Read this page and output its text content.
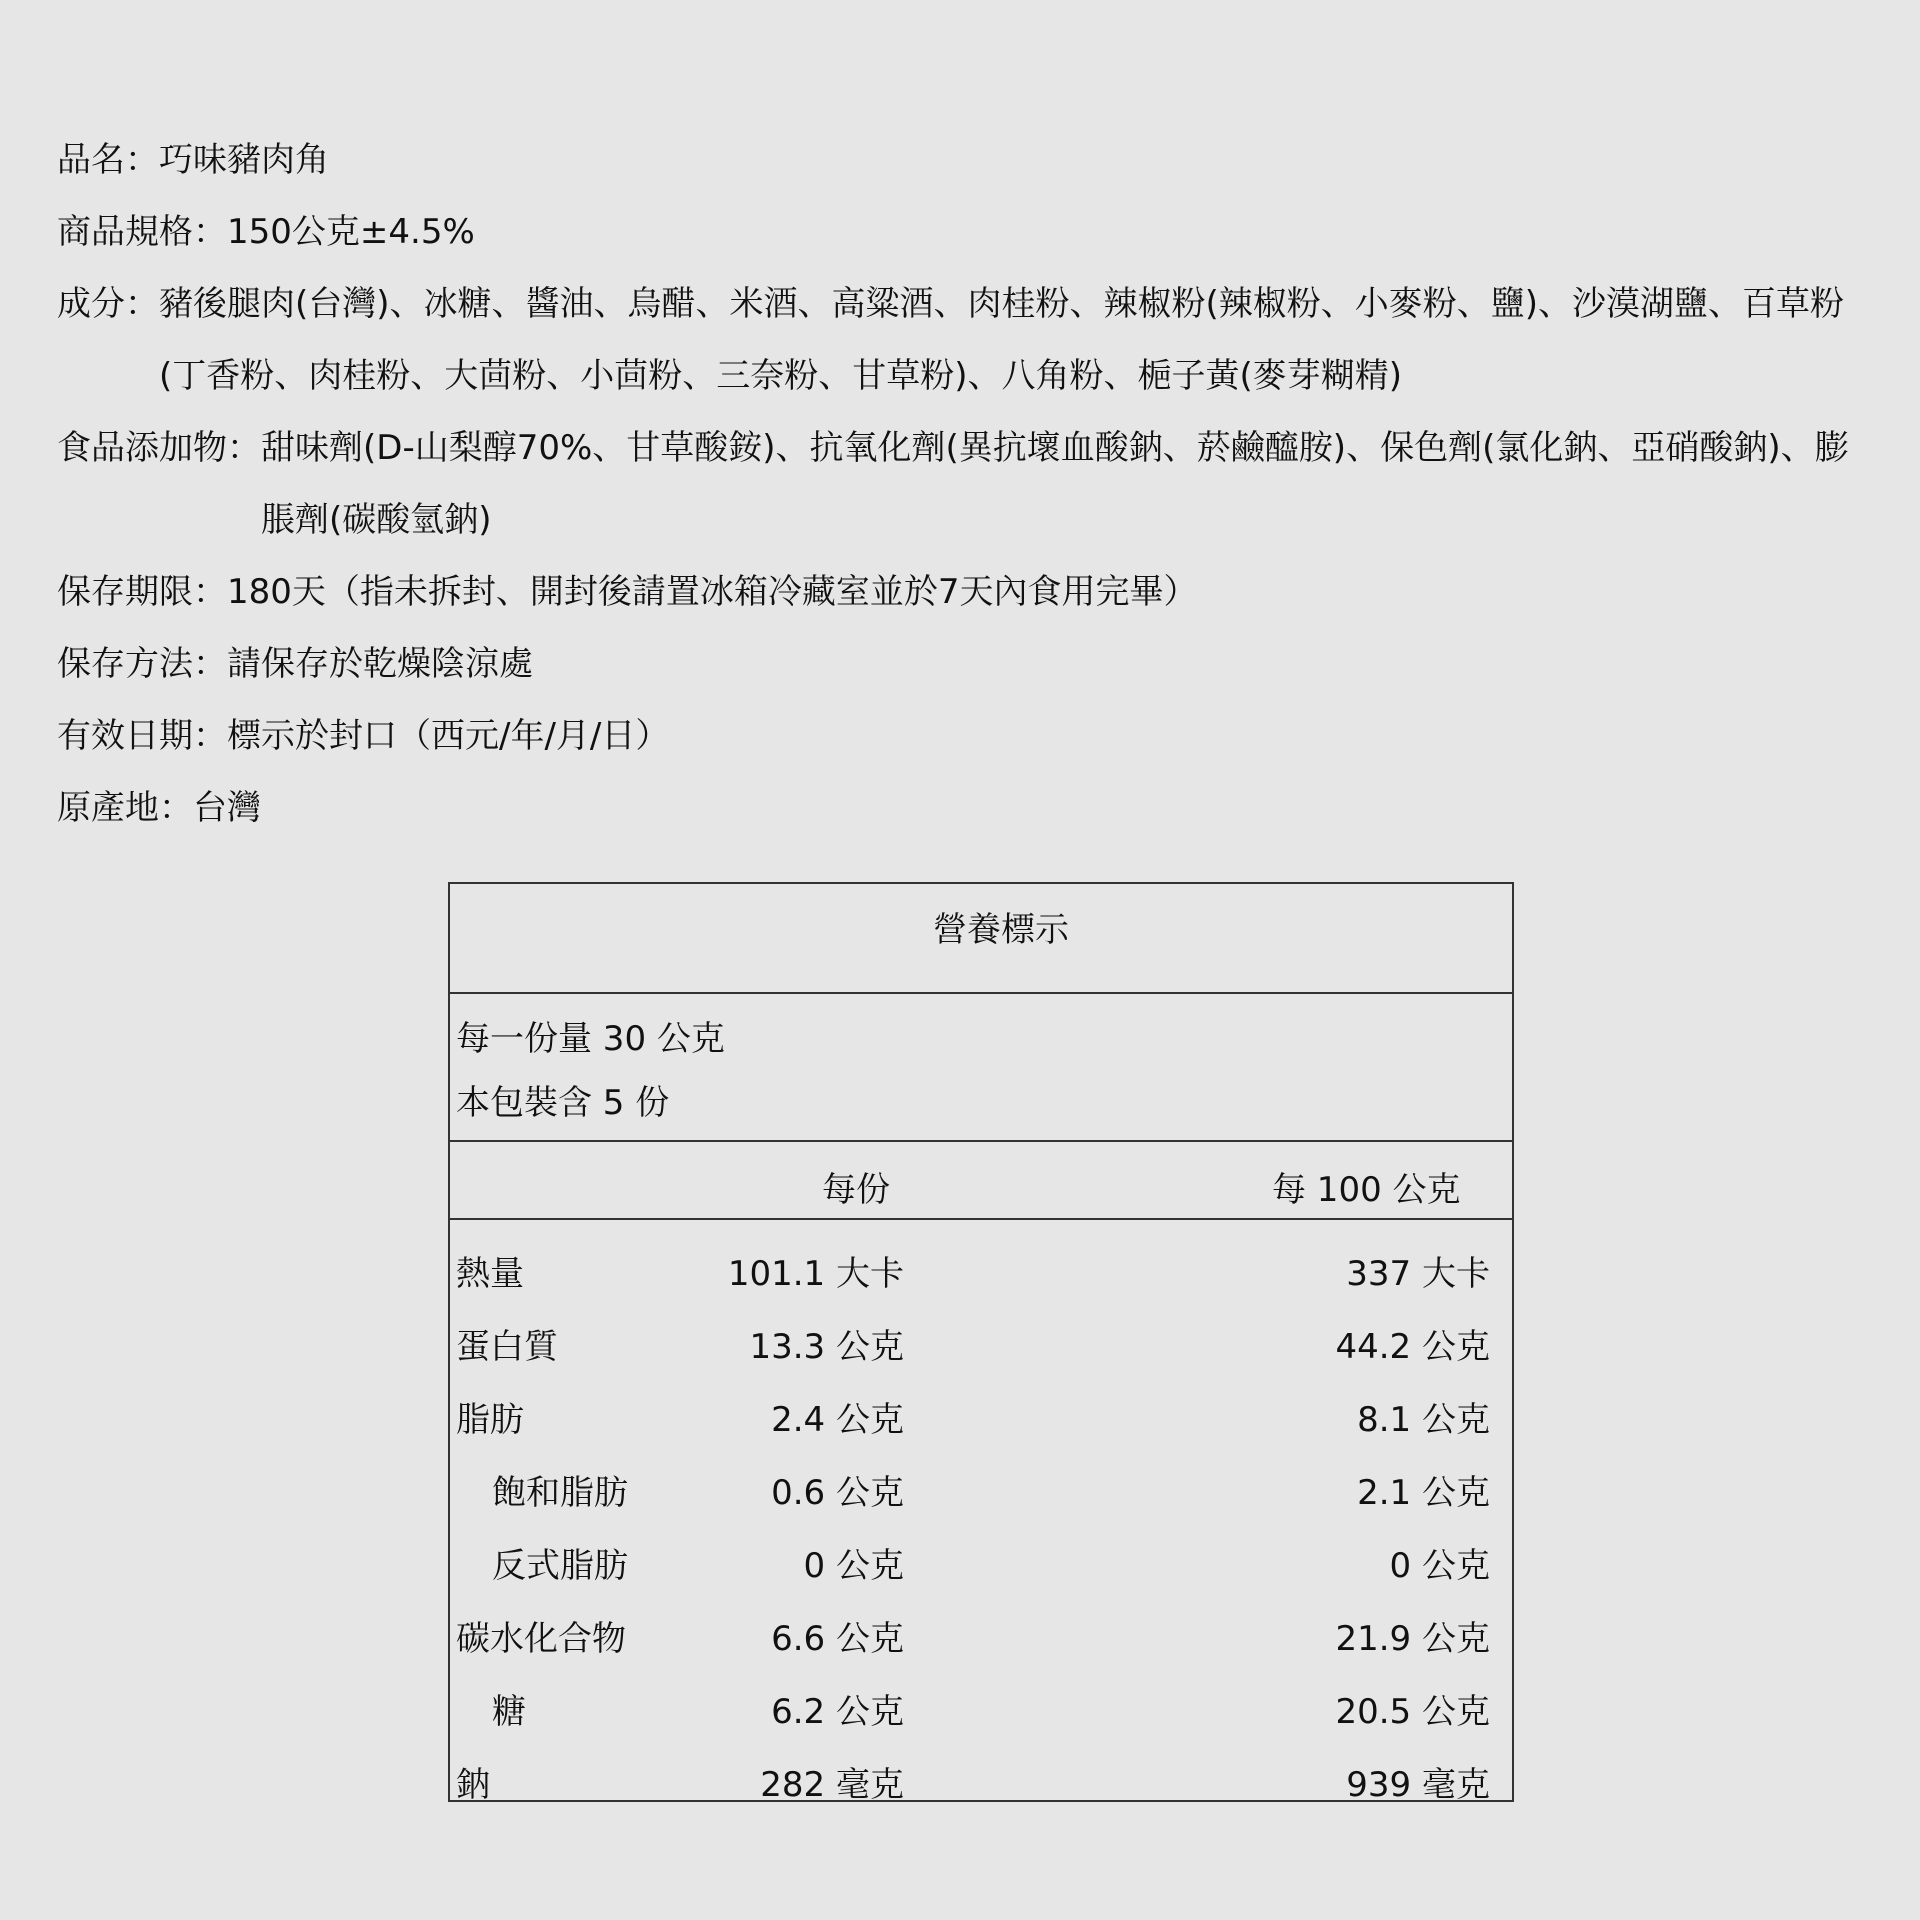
品名： 巧味豬肉角
商品規格： 150公克±4.5%
成分： 豬後腿肉(台灣)、冰糖、醬油、烏醋、米酒、高粱酒、肉桂粉、辣椒粉(辣椒粉、小麥粉、鹽)、沙漠湖鹽、百草粉(丁香粉、肉桂粉、大茴粉、小茴粉、三奈粉、甘草粉)、八角粉、梔子黃(麥芽糊精)
食品添加物： 甜味劑(D-山梨醇70%、甘草酸銨)、抗氧化劑(異抗壞血酸鈉、菸鹼醯胺)、保色劑(氯化鈉、亞硝酸鈉)、膨脹劑(碳酸氫鈉)
保存期限： 180天（指未拆封、開封後請置冰箱冷藏室並於7天內食用完畢）
保存方法： 請保存於乾燥陰涼處
有效日期： 標示於封口（西元/年/月/日）
原產地： 台灣
營養標示
每一份量 30 公克
本包裝含 5 份
每份	每 100 公克
熱量	101.1 大卡	337 大卡
蛋白質	13.3 公克	44.2 公克
脂肪	2.4 公克	8.1 公克
飽和脂肪	0.6 公克	2.1 公克
反式脂肪	0 公克	0 公克
碳水化合物	6.6 公克	21.9 公克
糖	6.2 公克	20.5 公克
鈉	282 毫克	939 毫克
